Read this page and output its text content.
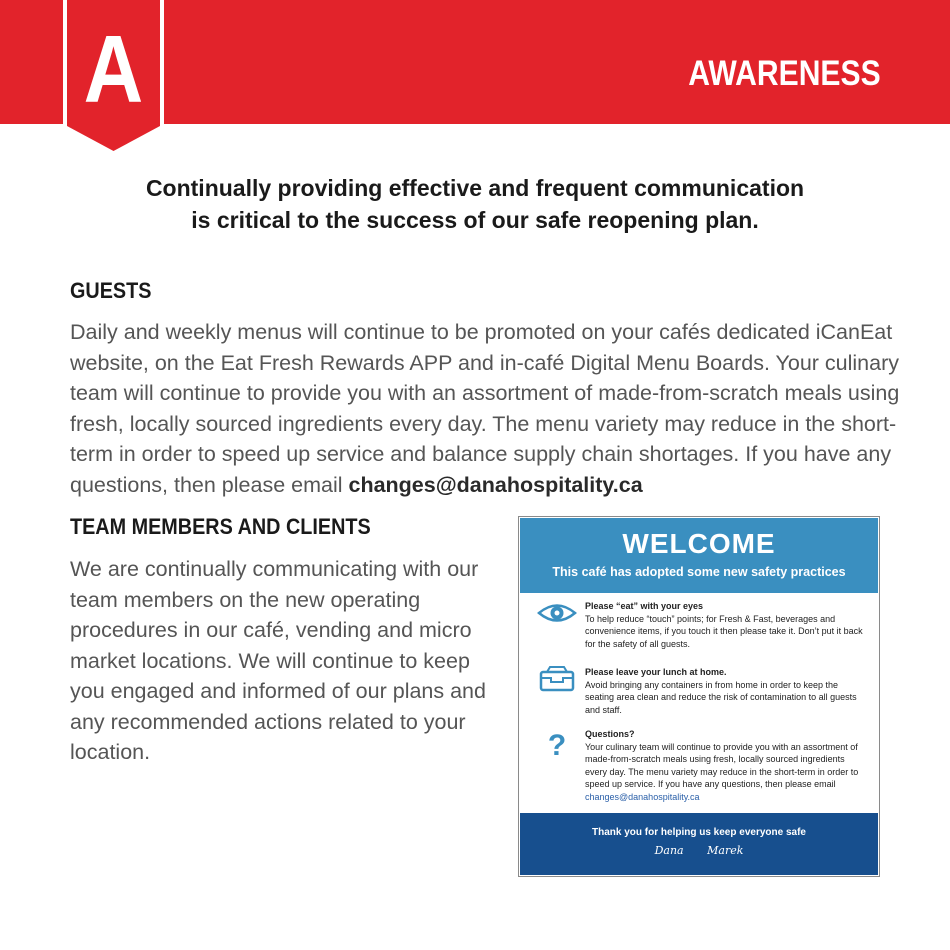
A	AWARENESS
Continually providing effective and frequent communication
is critical to the success of our safe reopening plan.
GUESTS
Daily and weekly menus will continue to be promoted on your cafés dedicated iCanEat website, on the Eat Fresh Rewards APP and in-café Digital Menu Boards. Your culinary team will continue to provide you with an assortment of made-from-scratch meals using fresh, locally sourced ingredients every day. The menu variety may reduce in the short-term in order to speed up service and balance supply chain shortages. If you have any questions, then please email changes@danahospitality.ca
TEAM MEMBERS AND CLIENTS
We are continually communicating with our team members on the new operating procedures in our café, vending and micro market locations. We will continue to keep you engaged and informed of our plans and any recommended actions related to your location.
WELCOME
This café has adopted some new safety practices
Please “eat” with your eyes
To help reduce “touch” points; for Fresh & Fast, beverages and convenience items, if you touch it then please take it. Don’t put it back for the safety of all guests.
Please leave your lunch at home.
Avoid bringing any containers in from home in order to keep the seating area clean and reduce the risk of contamination to all guests and staff.
?	Questions?
Your culinary team will continue to provide you with an assortment of made-from-scratch meals using fresh, locally sourced ingredients every day. The menu variety may reduce in the short-term in order to speed up service. If you have any questions, then please email changes@danahospitality.ca
Thank you for helping us keep everyone safe
Dana Marek
